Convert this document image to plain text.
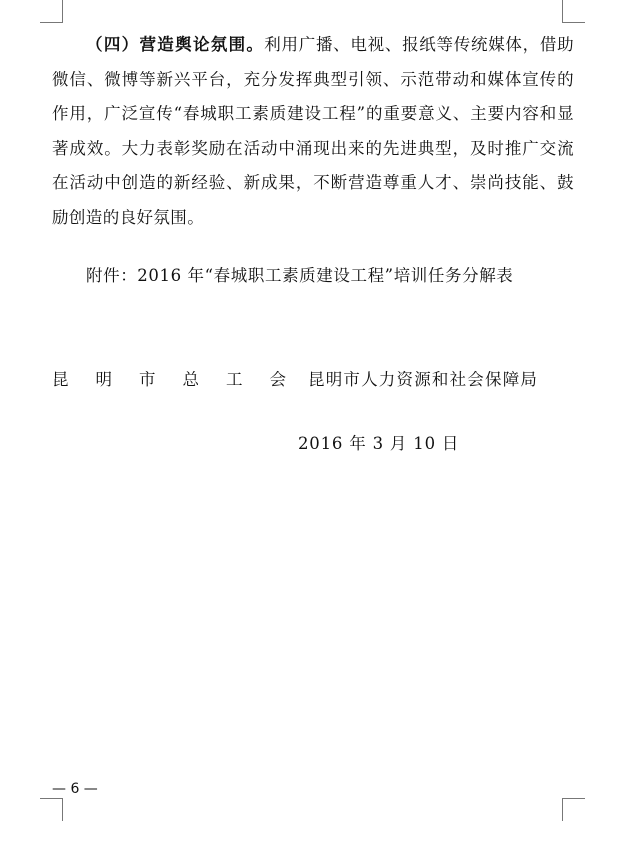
（四）营造舆论氛围。利用广播、电视、报纸等传统媒体，借助微信、微博等新兴平台，充分发挥典型引领、示范带动和媒体宣传的作用，广泛宣传“春城职工素质建设工程”的重要意义、主要内容和显著成效。大力表彰奖励在活动中涌现出来的先进典型，及时推广交流在活动中创造的新经验、新成果，不断营造尊重人才、崇尚技能、鼓励创造的良好氛围。

附件：2016 年“春城职工素质建设工程”培训任务分解表
昆明市总工会
昆明市人力资源和社会保障局
2016 年 3 月 10 日
— 6 —
